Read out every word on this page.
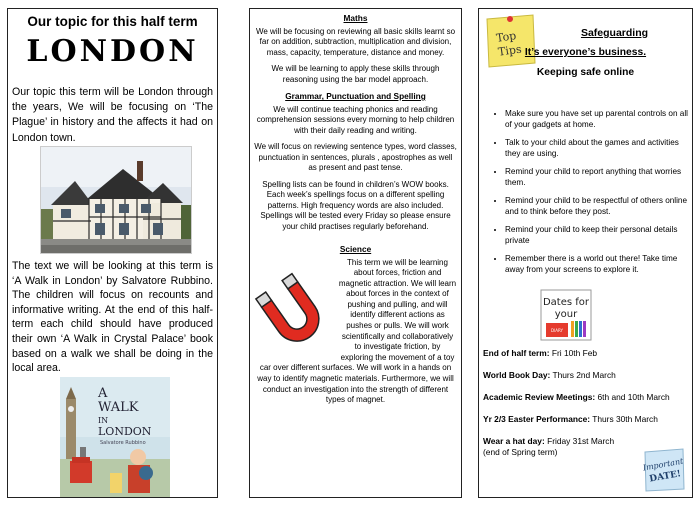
Our topic for this half term
LONDON
Our topic this term will be London through the years, We will be focusing on ‘The Plague’ in history and the affects it had on London town.
The text we will be looking at this term is ‘A Walk in London’ by Salvatore Rubbino. The children will focus on recounts and informative writing. At the end of this half-term each child should have produced their own ‘A Walk in Crystal Palace’ book based on a walk we shall be doing in the local area.
A
WALK
IN
LONDON
Salvatore Rubbino
Maths

We will be focusing on reviewing all basic skills learnt so far on addition, subtraction, multiplication and division, mass, capacity, temperature, distance and money.

We will be learning to apply these skills through reasoning using the bar model approach.

Grammar, Punctuation and Spelling

We will continue teaching phonics and reading comprehension sessions every morning to help children with their daily reading and writing.

We will focus on reviewing sentence types, word classes, punctuation in sentences, plurals , apostrophes as well as present and past tense.

Spelling lists can be found in children’s WOW books. Each week’s spellings focus on a different spelling patterns. High frequency words are also included. Spellings will be tested every Friday so please ensure your child practises regularly beforehand.

Science
This term we will be learning about forces, friction and magnetic attraction. We will learn about forces in the context of pushing and pulling, and will identify different actions as pushes or pulls. We will work scientifically and collaboratively to investigate friction, by exploring the movement of a toy car over different surfaces. We will work in a hands on way to identify magnetic materials. Furthermore, we will conduct an investigation into the strength of different types of magnet.
Top
Tips
Safeguarding
It’s everyone’s business.
Keeping safe online
• Make sure you have set up parental controls on all of your gadgets at home.
• Talk to your child about the games and activities they are using.
• Remind your child to report anything that worries them.
• Remind your child to be respectful of others online and to think before they post.
• Remind your child to keep their personal details private
• Remember there is a world out there! Take time away from your screens to explore it.
Dates for
your
DIARY
End of half term: Fri 10th Feb
World Book Day: Thurs 2nd March
Academic Review Meetings: 6th and 10th March
Yr 2/3 Easter Performance: Thurs 30th March
Wear a hat day: Friday 31st March (end of Spring term)
Important
DATE!
